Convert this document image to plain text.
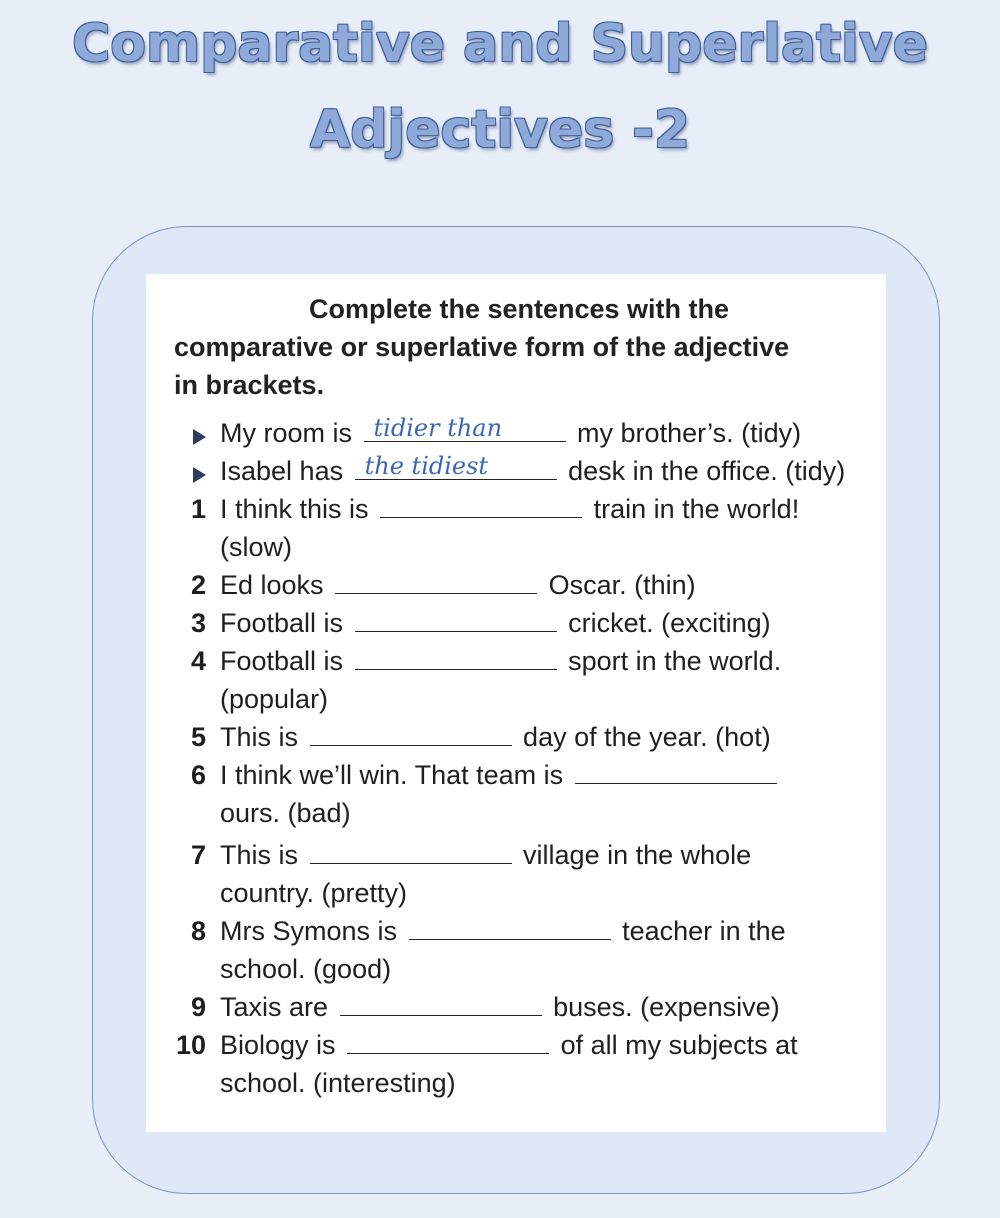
Comparative and Superlative
Adjectives -2
Complete the sentences with the
comparative or superlative form of the adjective
in brackets.
My room is tidier than	my brother’s. (tidy)
Isabel has the tidiest	desk in the office. (tidy)
1 I think this is	train in the world!
(slow)
2 Ed looks	Oscar. (thin)
3 Football is	cricket. (exciting)
4 Football is	sport in the world.
(popular)
5 This is	day of the year. (hot)
6 I think we’ll win. That team is
ours. (bad)
7 This is	village in the whole
country. (pretty)
8 Mrs Symons is	teacher in the
school. (good)
9 Taxis are	buses. (expensive)
10 Biology is	of all my subjects at
school. (interesting)
